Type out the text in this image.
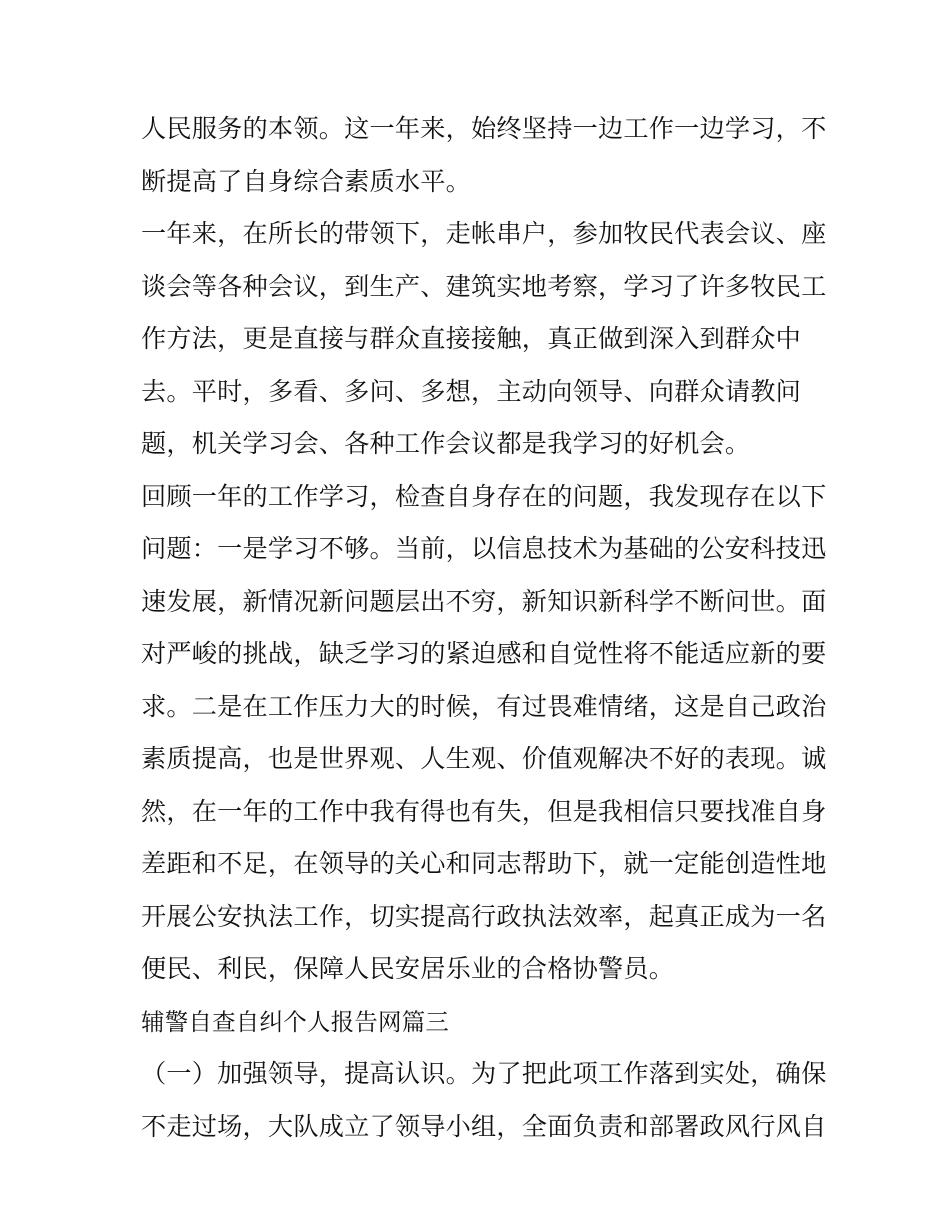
人民服务的本领。这一年来，始终坚持一边工作一边学习，不
断提高了自身综合素质水平。
一年来，在所长的带领下，走帐串户，参加牧民代表会议、座
谈会等各种会议，到生产、建筑实地考察，学习了许多牧民工
作方法，更是直接与群众直接接触，真正做到深入到群众中
去。平时，多看、多问、多想，主动向领导、向群众请教问
题，机关学习会、各种工作会议都是我学习的好机会。
回顾一年的工作学习，检查自身存在的问题，我发现存在以下
问题：一是学习不够。当前，以信息技术为基础的公安科技迅
速发展，新情况新问题层出不穷，新知识新科学不断问世。面
对严峻的挑战，缺乏学习的紧迫感和自觉性将不能适应新的要
求。二是在工作压力大的时候，有过畏难情绪，这是自己政治
素质提高，也是世界观、人生观、价值观解决不好的表现。诚
然，在一年的工作中我有得也有失，但是我相信只要找准自身
差距和不足，在领导的关心和同志帮助下，就一定能创造性地
开展公安执法工作，切实提高行政执法效率，起真正成为一名
便民、利民，保障人民安居乐业的合格协警员。
辅警自查自纠个人报告网篇三
（一）加强领导，提高认识。为了把此项工作落到实处，确保
不走过场，大队成立了领导小组，全面负责和部署政风行风自
